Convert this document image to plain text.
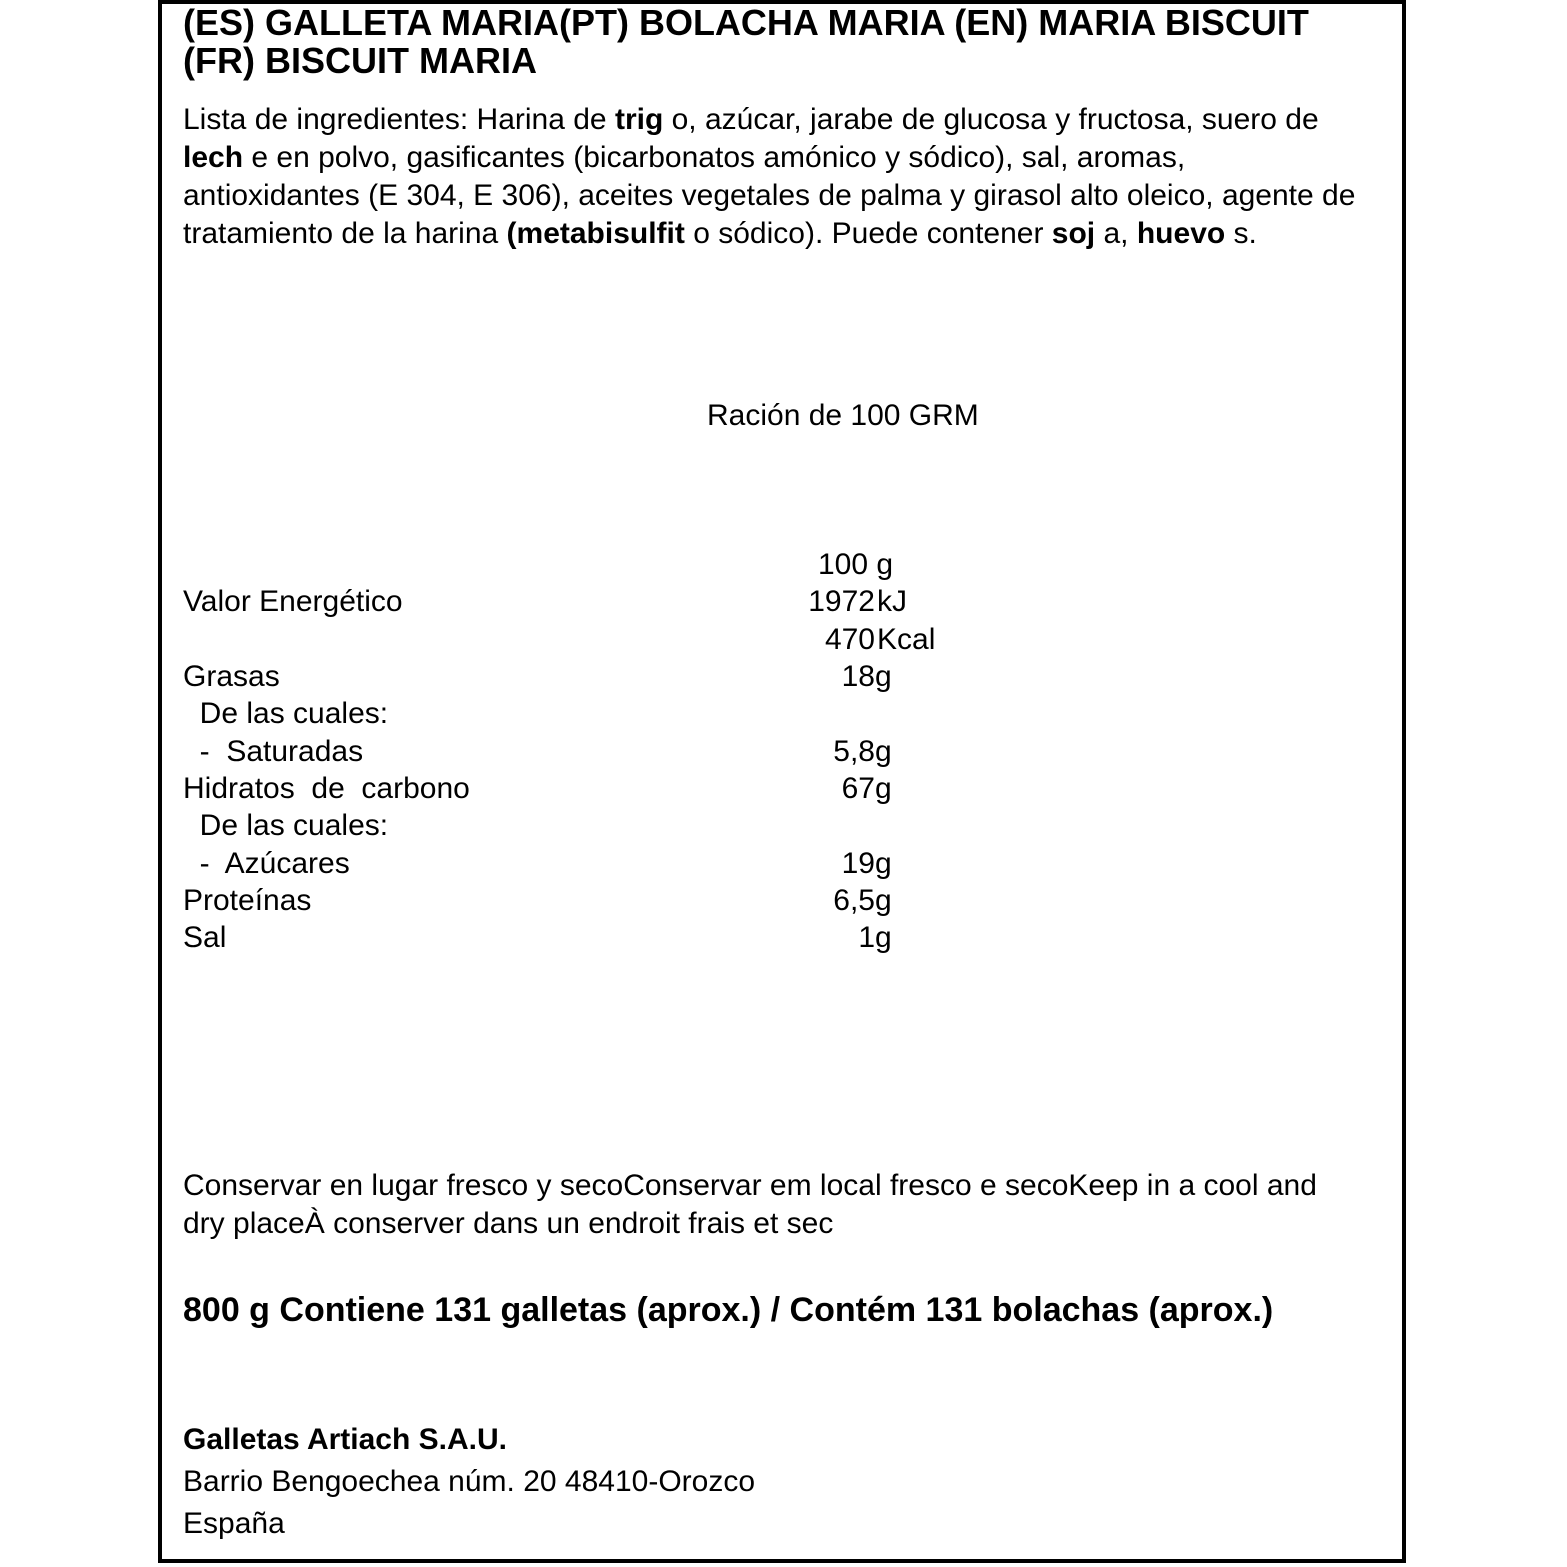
(ES) GALLETA MARIA(PT) BOLACHA MARIA (EN) MARIA BISCUIT (FR) BISCUIT MARIA
Lista de ingredientes: Harina de trig o, azúcar, jarabe de glucosa y fructosa, suero de lech e en polvo, gasificantes (bicarbonatos amónico y sódico), sal, aromas, antioxidantes (E 304, E 306), aceites vegetales de palma y girasol alto oleico, agente de tratamiento de la harina (metabisulfit o sódico). Puede contener soj a, huevo s.
Ración de 100 GRM
100 g
Valor Energético	1972 kJ
470 Kcal
Grasas	18 g
De las cuales:
-  Saturadas	5,8 g
Hidratos  de  carbono	67 g
De las cuales:
-  Azúcares	19 g
Proteínas	6,5 g
Sal	1 g
Conservar en lugar fresco y secoConservar em local fresco e secoKeep in a cool and dry placeÀ conserver dans un endroit frais et sec
800 g Contiene 131 galletas (aprox.) / Contém 131 bolachas (aprox.)
Galletas Artiach S.A.U.
Barrio Bengoechea núm. 20 48410-Orozco
España
